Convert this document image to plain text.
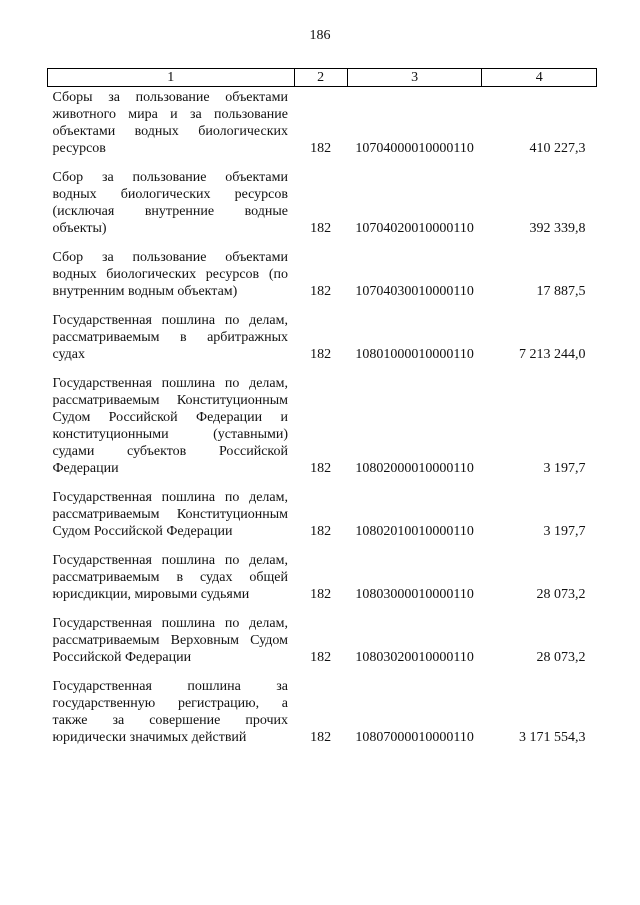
186
1	2	3	4
Сборы за пользование объектами животного мира и за пользование объектами водных биологических ресурсов	182	10704000010000110	410 227,3
Сбор за пользование объектами водных биологических ресурсов (исключая внутренние водные объекты)	182	10704020010000110	392 339,8
Сбор за пользование объектами водных биологических ресурсов (по внутренним водным объектам)	182	10704030010000110	17 887,5
Государственная пошлина по делам, рассматриваемым в арбитражных судах	182	10801000010000110	7 213 244,0
Государственная пошлина по делам, рассматриваемым Конституционным Судом Российской Федерации и конституционными (уставными) судами субъектов Российской Федерации	182	10802000010000110	3 197,7
Государственная пошлина по делам, рассматриваемым Конституционным Судом Российской Федерации	182	10802010010000110	3 197,7
Государственная пошлина по делам, рассматриваемым в судах общей юрисдикции, мировыми судьями	182	10803000010000110	28 073,2
Государственная пошлина по делам, рассматриваемым Верховным Судом Российской Федерации	182	10803020010000110	28 073,2
Государственная пошлина за государственную регистрацию, а также за совершение прочих юридически значимых действий	182	10807000010000110	3 171 554,3
